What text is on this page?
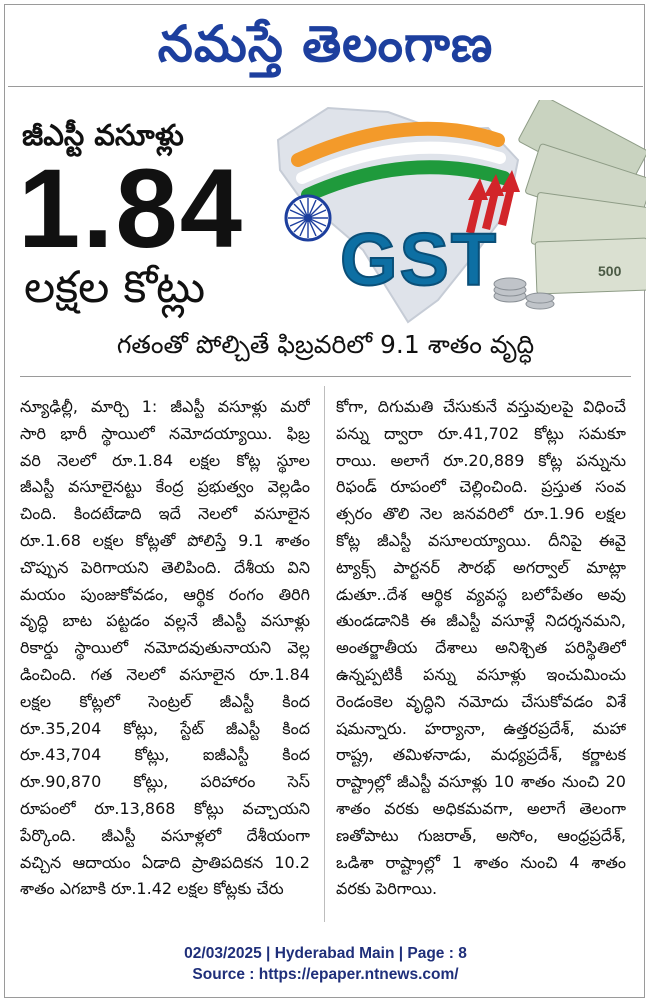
నమస్తే తెలంగాణ
జీఎస్టీ వసూళ్లు
1.84
లక్షల కోట్లు	500
GST
గతంతో పోల్చితే ఫిబ్రవరిలో 9.1 శాతం వృద్ధి
న్యూఢిల్లీ, మార్చి 1: జీఎస్టీ వసూళ్లు మరో
సారి భారీ స్థాయిలో నమోదయ్యాయి. ఫిబ్ర
వరి నెలలో రూ.1.84 లక్షల కోట్ల స్థూల
జీఎస్టీ వసూలైనట్టు కేంద్ర ప్రభుత్వం వెల్లడిం
చింది. కిందటేడాది ఇదే నెలలో వసూలైన
రూ.1.68 లక్షల కోట్లతో పోలిస్తే 9.1 శాతం
చొప్పున పెరిగాయని తెలిపింది. దేశీయ విని
మయం పుంజుకోవడం, ఆర్థిక రంగం తిరిగి
వృద్ధి బాట పట్టడం వల్లనే జీఎస్టీ వసూళ్లు
రికార్డు స్థాయిలో నమోదవుతునాయని వెల్ల
డించింది. గత నెలలో వసూలైన రూ.1.84
లక్షల కోట్లలో సెంట్రల్ జీఎస్టీ కింద
రూ.35,204 కోట్లు, స్టేట్ జీఎస్టీ కింద
రూ.43,704 కోట్లు, ఐజీఎస్టీ కింద
రూ.90,870 కోట్లు, పరిహారం సెస్
రూపంలో రూ.13,868 కోట్లు వచ్చాయని
పేర్కొంది. జీఎస్టీ వసూళ్లలో దేశీయంగా
వచ్చిన ఆదాయం ఏడాది ప్రాతిపదికన 10.2
శాతం ఎగబాకి రూ.1.42 లక్షల కోట్లకు చేరు
కోగా, దిగుమతి చేసుకునే వస్తువులపై విధించే
పన్ను ద్వారా రూ.41,702 కోట్లు సమకూ
రాయి. అలాగే రూ.20,889 కోట్ల పన్నును
రిఫండ్ రూపంలో చెల్లించింది. ప్రస్తుత సంవ
త్సరం తొలి నెల జనవరిలో రూ.1.96 లక్షల
కోట్ల జీఎస్టీ వసూలయ్యాయి. దీనిపై ఈవై
ట్యాక్స్ పార్టనర్ సౌరభ్ అగర్వాల్ మాట్లా
డుతూ..దేశ ఆర్థిక వ్యవస్థ బలోపేతం అవు
తుండడానికి ఈ జీఎస్టీ వసూళ్లే నిదర్శనమని,
అంతర్జాతీయ దేశాలు అనిశ్చిత పరిస్థితిలో
ఉన్నప్పటికీ పన్ను వసూళ్లు ఇంచుమించు
రెండంకెల వృద్ధిని నమోదు చేసుకోవడం విశే
షమన్నారు. హర్యానా, ఉత్తరప్రదేశ్, మహా
రాష్ట్ర, తమిళనాడు, మధ్యప్రదేశ్, కర్ణాటక
రాష్ట్రాల్లో జీఎస్టీ వసూళ్లు 10 శాతం నుంచి 20
శాతం వరకు అధికమవగా, అలాగే తెలంగా
ణతోపాటు గుజరాత్, అసోం, ఆంధ్రప్రదేశ్,
ఒడిశా రాష్ట్రాల్లో 1 శాతం నుంచి 4 శాతం
వరకు పెరిగాయి.
02/03/2025 | Hyderabad Main | Page : 8
Source : https://epaper.ntnews.com/
